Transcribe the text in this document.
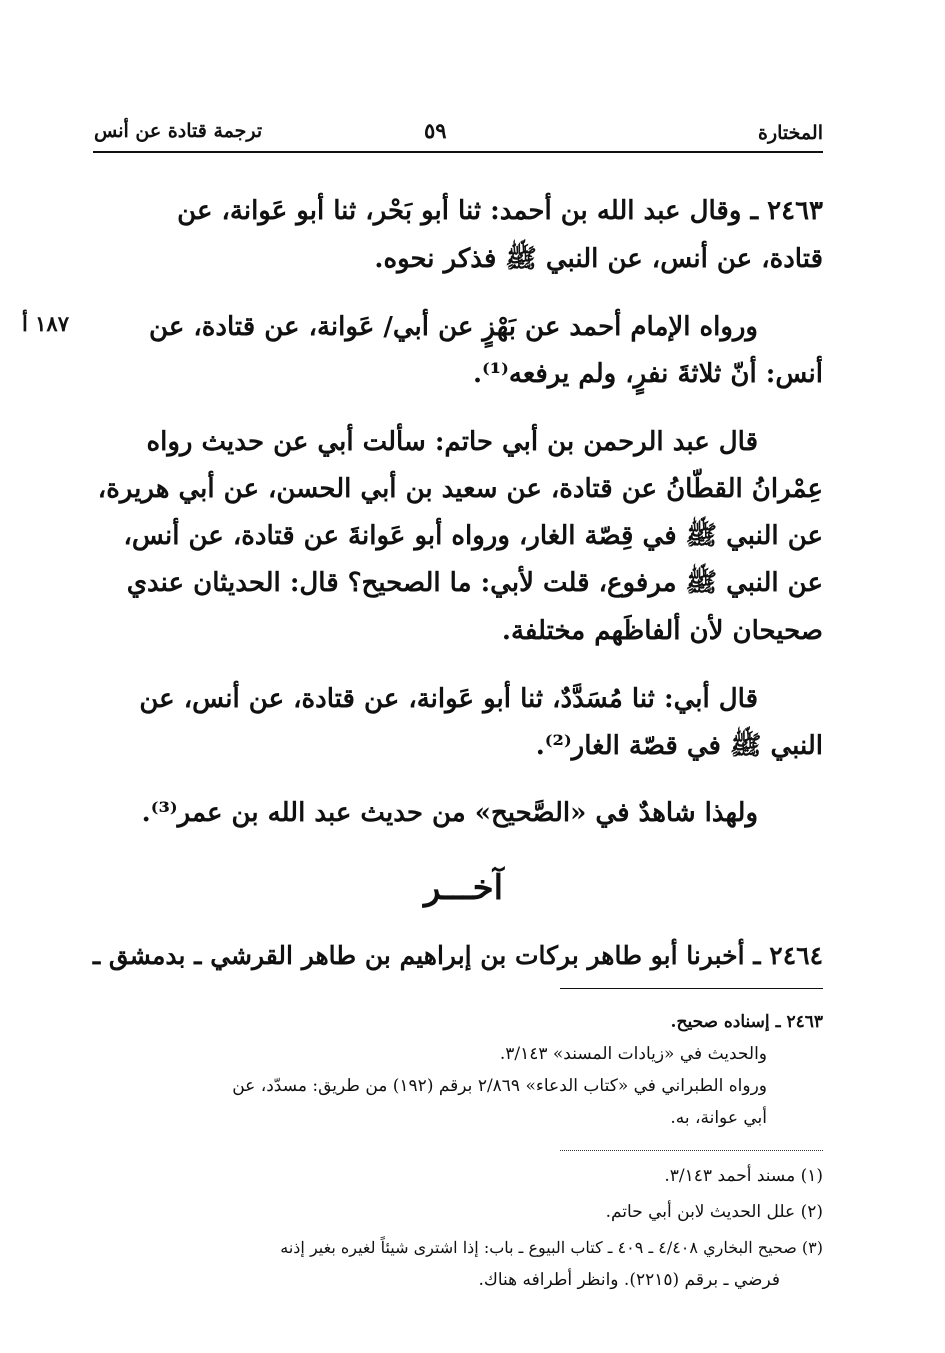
المختارة
٥٩
ترجمة قتادة عن أنس
٢٤٦٣ ـ وقال عبد الله بن أحمد: ثنا أبو بَحْر، ثنا أبو عَوانة، عن
قتادة، عن أنس، عن النبي ﷺ فذكر نحوه.
١٨٧ أ	ورواه الإمام أحمد عن بَهْزٍ عن أبي/ عَوانة، عن قتادة، عن
أنس: أنّ ثلاثةَ نفرٍ، ولم يرفعه⁽¹⁾.
قال عبد الرحمن بن أبي حاتم: سألت أبي عن حديث رواه
عِمْرانُ القطّانُ عن قتادة، عن سعيد بن أبي الحسن، عن أبي هريرة،
عن النبي ﷺ في قِصّة الغار، ورواه أبو عَوانةَ عن قتادة، عن أنس،
عن النبي ﷺ مرفوع، قلت لأبي: ما الصحيح؟ قال: الحديثان عندي
صحيحان لأن ألفاظَهم مختلفة.
قال أبي: ثنا مُسَدَّدٌ، ثنا أبو عَوانة، عن قتادة، عن أنس، عن
النبي ﷺ في قصّة الغار⁽²⁾.
ولهذا شاهدٌ في «الصَّحيح» من حديث عبد الله بن عمر⁽³⁾.
آخـــر
٢٤٦٤ ـ أخبرنا أبو طاهر بركات بن إبراهيم بن طاهر القرشي ـ بدمشق ـ
٢٤٦٣ ـ إسناده صحيح.
والحديث في «زيادات المسند» ٣/١٤٣.
ورواه الطبراني في «كتاب الدعاء» ٢/٨٦٩ برقم (١٩٢) من طريق: مسدّد، عن
أبي عوانة، به.
(١) مسند أحمد ٣/١٤٣.
(٢) علل الحديث لابن أبي حاتم.
(٣) صحيح البخاري ٤/٤٠٨ ـ ٤٠٩ ـ كتاب البيوع ـ باب: إذا اشترى شيئاً لغيره بغير إذنه
فرضي ـ برقم (٢٢١٥). وانظر أطرافه هناك.
